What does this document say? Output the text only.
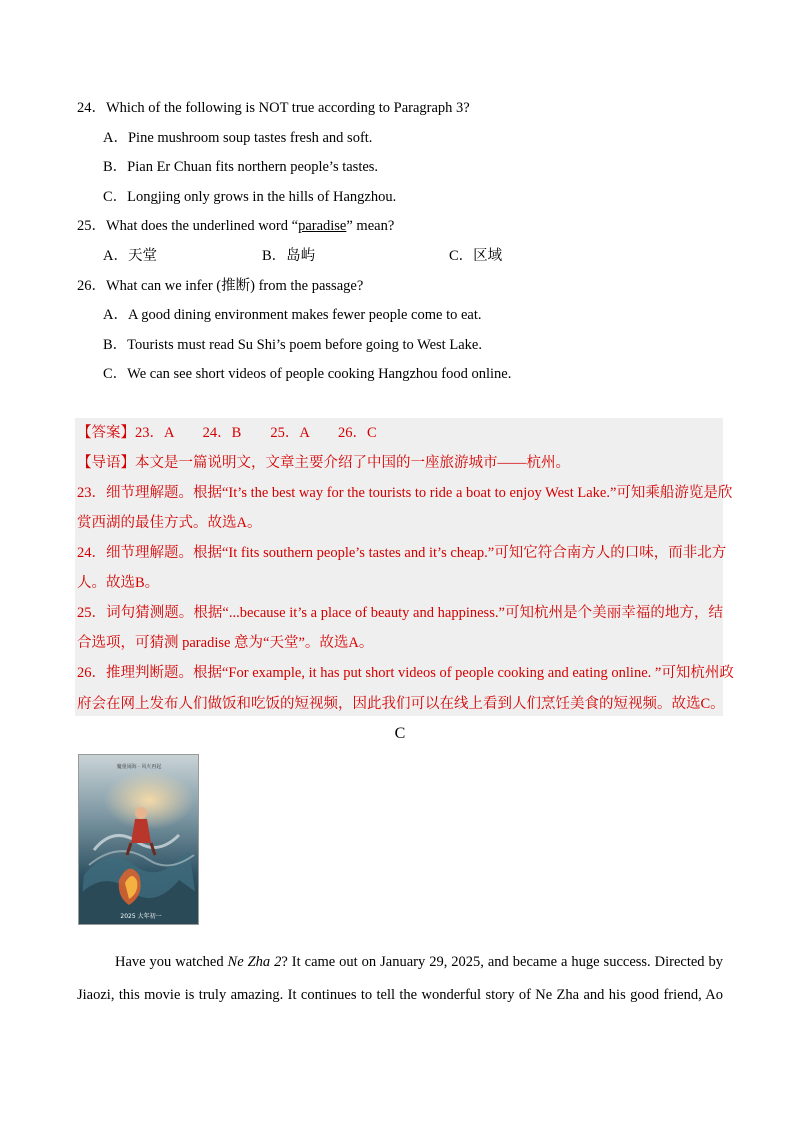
24．Which of the following is NOT true according to Paragraph 3?
A．Pine mushroom soup tastes fresh and soft.
B．Pian Er Chuan fits northern people’s tastes.
C．Longjing only grows in the hills of Hangzhou.
25．What does the underlined word “paradise” mean?
A．天堂	B．岛屿	C．区域
26．What can we infer (推断) from the passage?
A．A good dining environment makes fewer people come to eat.
B．Tourists must read Su Shi’s poem before going to West Lake.
C．We can see short videos of people cooking Hangzhou food online.
【答案】23．A　　24．B　　25．A　　26．C
【导语】本文是一篇说明文，文章主要介绍了中国的一座旅游城市——杭州。
23．细节理解题。根据“It’s the best way for the tourists to ride a boat to enjoy West Lake.”可知乘船游览是欣
赏西湖的最佳方式。故选A。
24．细节理解题。根据“It fits southern people’s tastes and it’s cheap.”可知它符合南方人的口味，而非北方
人。故选B。
25．词句猜测题。根据“...because it’s a place of beauty and happiness.”可知杭州是个美丽幸福的地方，结
合选项，可猜测 paradise 意为“天堂”。故选A。
26．推理判断题。根据“For example, it has put short videos of people cooking and eating online. ”可知杭州政
府会在网上发布人们做饭和吃饭的短视频，因此我们可以在线上看到人们烹饪美食的短视频。故选C。
C
魔童闹海 · 风火再起
2025 大年初一
Have you watched Ne Zha 2? It came out on January 29, 2025, and became a huge success. Directed by
Jiaozi, this movie is truly amazing. It continues to tell the wonderful story of Ne Zha and his good friend, Ao
